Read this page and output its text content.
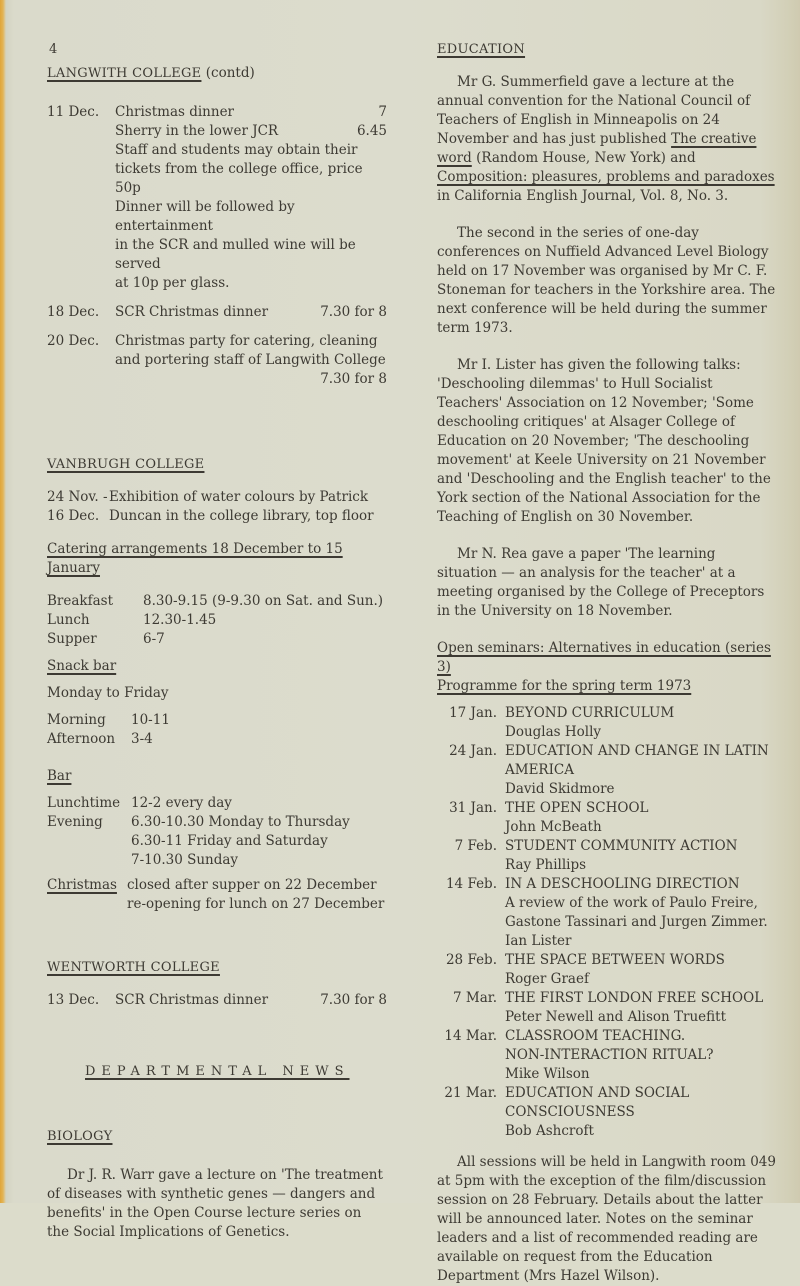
4
LANGWITH COLLEGE (contd)
11 Dec.	Christmas dinner	7
Sherry in the lower JCR	6.45
Staff and students may obtain their
tickets from the college office, price 50p
Dinner will be followed by entertainment
in the SCR and mulled wine will be served
at 10p per glass.
18 Dec.	SCR Christmas dinner	7.30 for 8
20 Dec.	Christmas party for catering, cleaning
and portering staff of Langwith College
7.30 for 8
VANBRUGH COLLEGE
24 Nov. - Exhibition of water colours by Patrick
16 Dec. Duncan in the college library, top floor
Catering arrangements 18 December to 15 January
Breakfast	8.30-9.15 (9-9.30 on Sat. and Sun.)
Lunch	12.30-1.45
Supper	6-7
Snack bar
Monday to Friday
Morning	10-11
Afternoon	3-4
Bar
Lunchtime 12-2 every day
Evening	6.30-10.30 Monday to Thursday
6.30-11 Friday and Saturday
7-10.30 Sunday
Christmas closed after supper on 22 December
re-opening for lunch on 27 December
WENTWORTH COLLEGE
13 Dec.	SCR Christmas dinner	7.30 for 8
DEPARTMENTAL NEWS
BIOLOGY

Dr J. R. Warr gave a lecture on 'The treatment of diseases with synthetic genes — dangers and benefits' in the Open Course lecture series on the Social Implications of Genetics.

EDUCATION

Mr G. Summerfield gave a lecture at the annual convention for the National Council of Teachers of English in Minneapolis on 24 November and has just published The creative word (Random House, New York) and Composition: pleasures, problems and paradoxes in California English Journal, Vol. 8, No. 3.

The second in the series of one-day conferences on Nuffield Advanced Level Biology held on 17 November was organised by Mr C. F. Stoneman for teachers in the Yorkshire area. The next conference will be held during the summer term 1973.

Mr I. Lister has given the following talks: 'Deschooling dilemmas' to Hull Socialist Teachers' Association on 12 November; 'Some deschooling critiques' at Alsager College of Education on 20 November; 'The deschooling movement' at Keele University on 21 November and 'Deschooling and the English teacher' to the York section of the National Association for the Teaching of English on 30 November.

Mr N. Rea gave a paper 'The learning situation — an analysis for the teacher' at a meeting organised by the College of Preceptors in the University on 18 November.

Open seminars: Alternatives in education (series 3)
Programme for the spring term 1973
17 Jan. BEYOND CURRICULUM
Douglas Holly
24 Jan. EDUCATION AND CHANGE IN LATIN
AMERICA
David Skidmore
31 Jan. THE OPEN SCHOOL
John McBeath
7 Feb. STUDENT COMMUNITY ACTION
Ray Phillips
14 Feb. IN A DESCHOOLING DIRECTION
A review of the work of Paulo Freire,
Gastone Tassinari and Jurgen Zimmer.
Ian Lister
28 Feb. THE SPACE BETWEEN WORDS
Roger Graef
7 Mar. THE FIRST LONDON FREE SCHOOL
Peter Newell and Alison Truefitt
14 Mar. CLASSROOM TEACHING.
NON-INTERACTION RITUAL?
Mike Wilson
21 Mar. EDUCATION AND SOCIAL CONSCIOUSNESS
Bob Ashcroft

All sessions will be held in Langwith room 049 at 5pm with the exception of the film/discussion session on 28 February. Details about the latter will be announced later. Notes on the seminar leaders and a list of recommended reading are available on request from the Education Department (Mrs Hazel Wilson).
